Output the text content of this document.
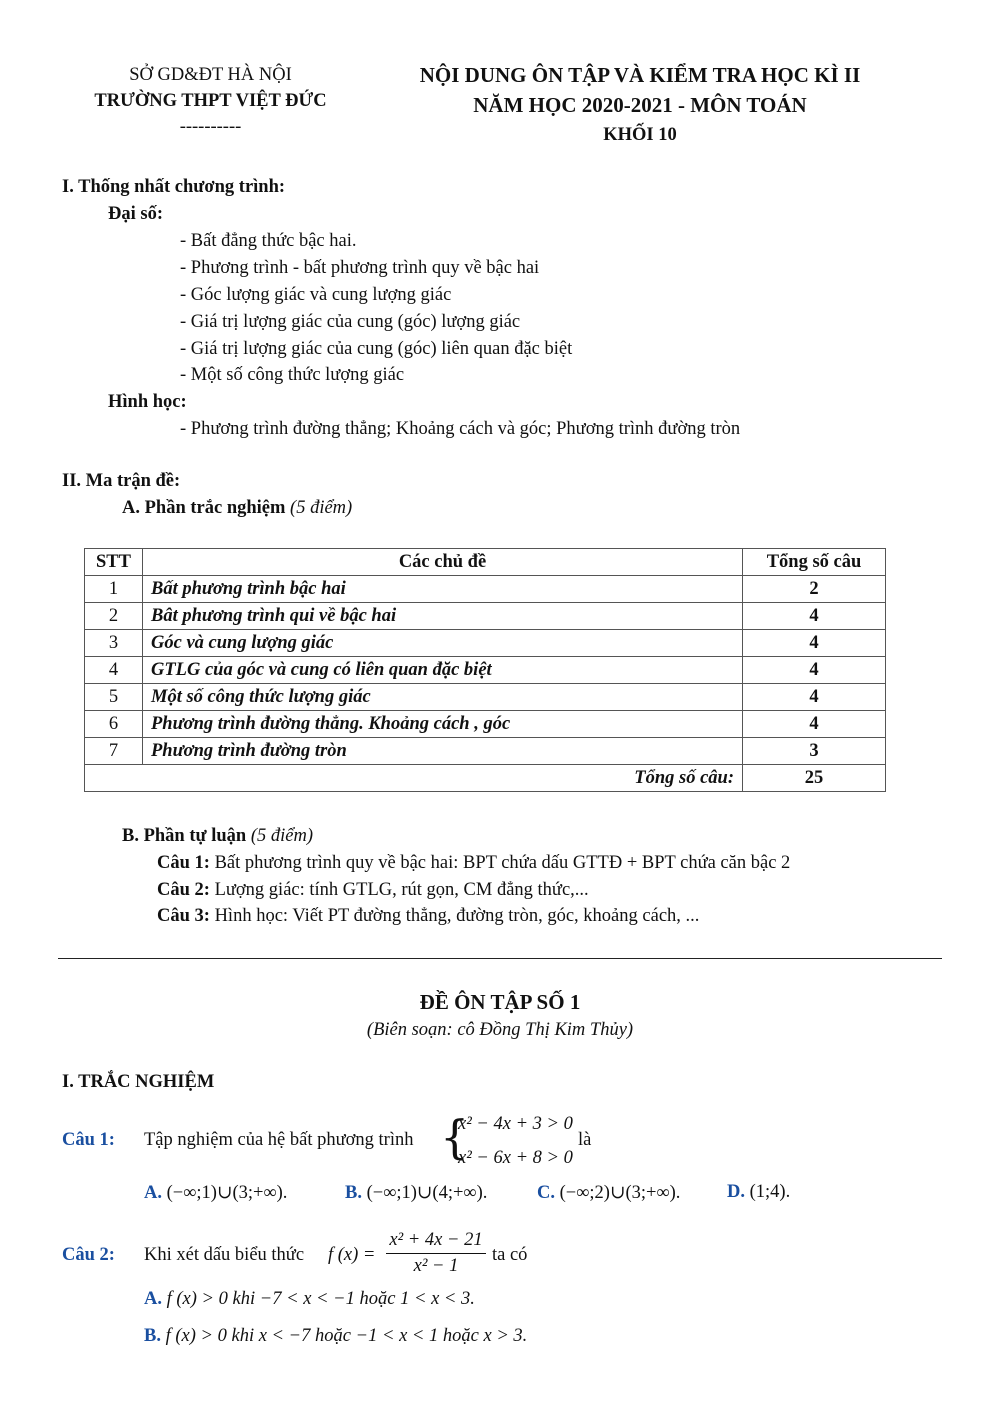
SỞ GD&ĐT HÀ NỘI
TRƯỜNG THPT VIỆT ĐỨC
----------
NỘI DUNG ÔN TẬP VÀ KIỂM TRA HỌC KÌ II
NĂM HỌC 2020-2021 - MÔN TOÁN
KHỐI 10
I. Thống nhất chương trình:
Đại số:
- Bất đẳng thức bậc hai.
- Phương trình - bất phương trình quy về bậc hai
- Góc lượng giác và cung lượng giác
- Giá trị lượng giác của cung (góc) lượng giác
- Giá trị lượng giác của cung (góc) liên quan đặc biệt
- Một số công thức lượng giác
Hình học:
- Phương trình đường thẳng; Khoảng cách và góc; Phương trình đường tròn
II. Ma trận đề:
A. Phần trắc nghiệm (5 điểm)
STT	Các chủ đề	Tổng số câu
1	Bất phương trình bậc hai	2
2	Bât phương trình qui về bậc hai	4
3	Góc và cung lượng giác	4
4	GTLG của góc và cung có liên quan đặc biệt	4
5	Một số công thức lượng giác	4
6	Phương trình đường thẳng. Khoảng cách , góc	4
7	Phương trình đường tròn	3
Tổng số câu:		25
B. Phần tự luận (5 điểm)
Câu 1: Bất phương trình quy về bậc hai: BPT chứa dấu GTTĐ + BPT chứa căn bậc 2
Câu 2: Lượng giác: tính GTLG, rút gọn, CM đẳng thức,...
Câu 3: Hình học: Viết PT đường thẳng, đường tròn, góc, khoảng cách, ...
ĐỀ ÔN TẬP SỐ 1
(Biên soạn: cô Đồng Thị Kim Thủy)
I. TRẮC NGHIỆM
Câu 1: Tập nghiệm của hệ bất phương trình {
x² − 4x + 3 > 0
x² − 6x + 8 > 0
là
A. (−∞;1)∪(3;+∞).	B. (−∞;1)∪(4;+∞).	C. (−∞;2)∪(3;+∞).	D. (1;4).
Câu 2: Khi xét dấu biểu thức f (x) =
x² + 4x − 21
x² − 1
ta có
A. f (x) > 0 khi −7 < x < −1 hoặc 1 < x < 3.
B. f (x) > 0 khi x < −7 hoặc −1 < x < 1 hoặc x > 3.
